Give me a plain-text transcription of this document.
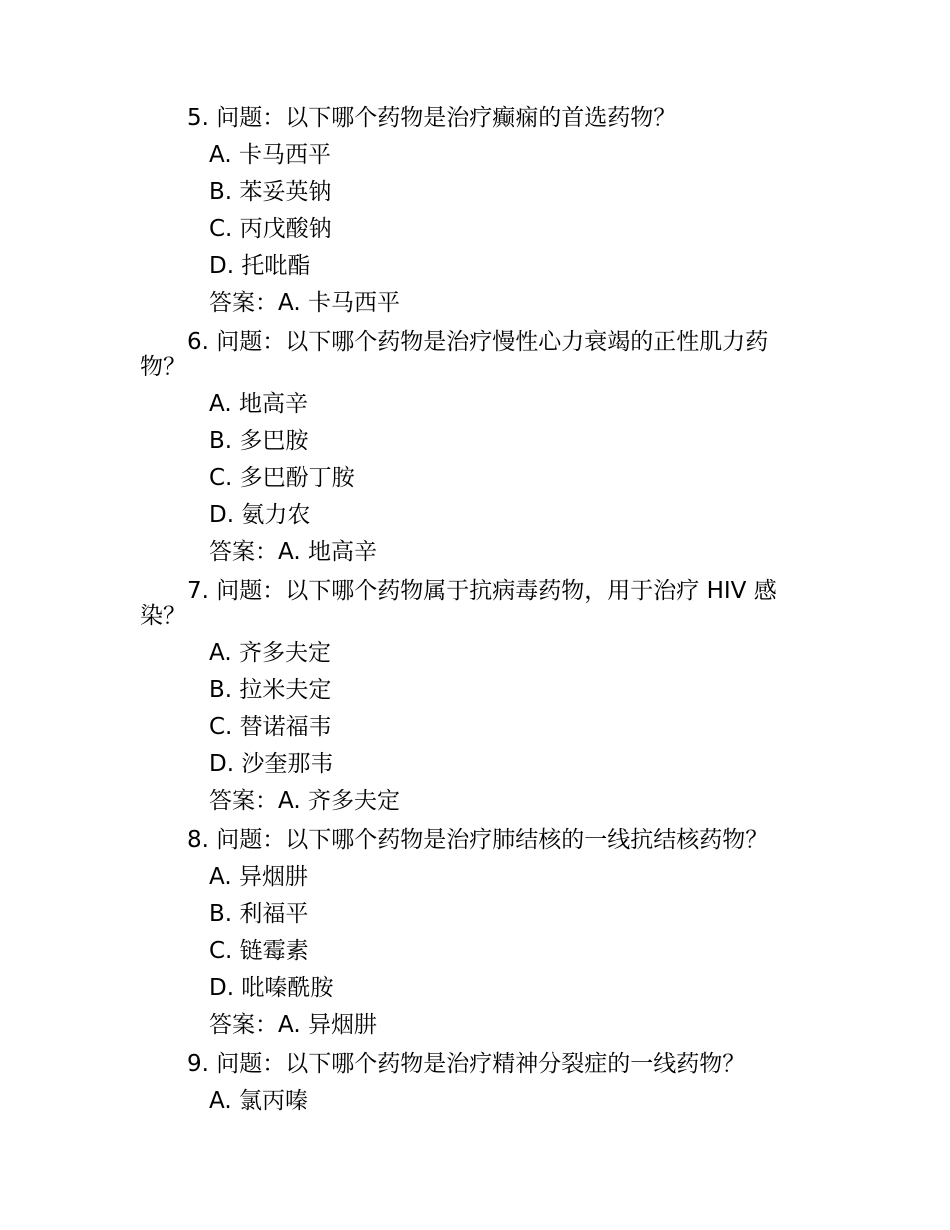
5. 问题：以下哪个药物是治疗癫痫的首选药物？

A. 卡马西平

B. 苯妥英钠

C. 丙戊酸钠

D. 托吡酯

答案：A. 卡马西平

6. 问题：以下哪个药物是治疗慢性心力衰竭的正性肌力药物？

A. 地高辛

B. 多巴胺

C. 多巴酚丁胺

D. 氨力农

答案：A. 地高辛

7. 问题：以下哪个药物属于抗病毒药物，用于治疗 HIV 感染？

A. 齐多夫定

B. 拉米夫定

C. 替诺福韦

D. 沙奎那韦

答案：A. 齐多夫定

8. 问题：以下哪个药物是治疗肺结核的一线抗结核药物？

A. 异烟肼

B. 利福平

C. 链霉素

D. 吡嗪酰胺

答案：A. 异烟肼

9. 问题：以下哪个药物是治疗精神分裂症的一线药物？

A. 氯丙嗪
